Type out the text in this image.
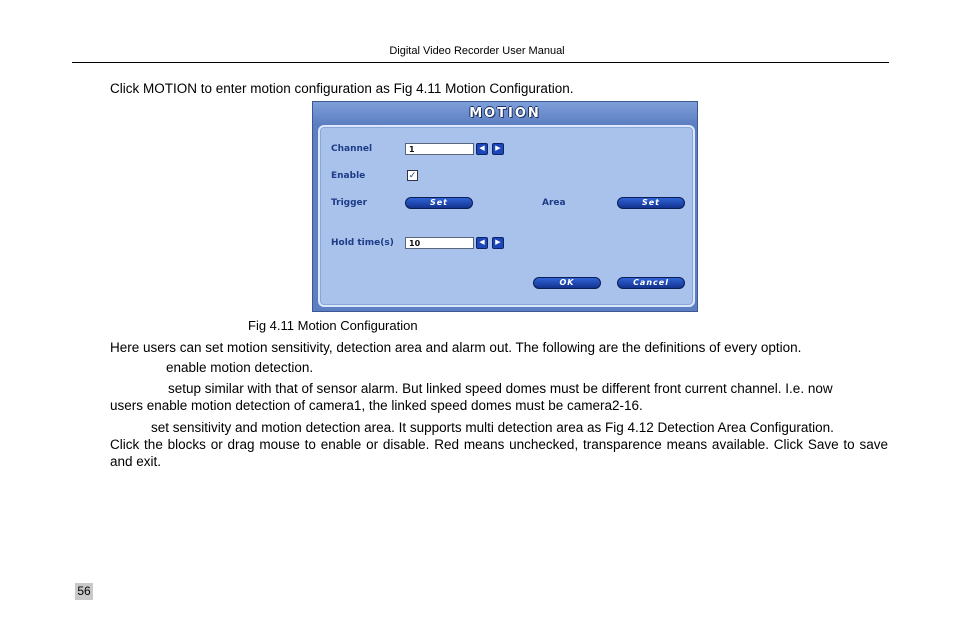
Digital Video Recorder User Manual
Click MOTION to enter motion configuration as Fig 4.11 Motion Configuration.
MOTION
Channel	1	◀	▶
Enable	✓
Trigger	Set	Area	Set
Hold time(s)	10	◀	▶
OK	Cancel
Fig 4.11 Motion Configuration
Here users can set motion sensitivity, detection area and alarm out. The following are the definitions of every option.
enable motion detection.
setup similar with that of sensor alarm. But linked speed domes must be different front current channel. I.e. now
users enable motion detection of camera1, the linked speed domes must be camera2-16.
set sensitivity and motion detection area. It supports multi detection area as Fig 4.12 Detection Area Configuration.
Click the blocks or drag mouse to enable or disable. Red means unchecked, transparence means available. Click Save to save and exit.
56
